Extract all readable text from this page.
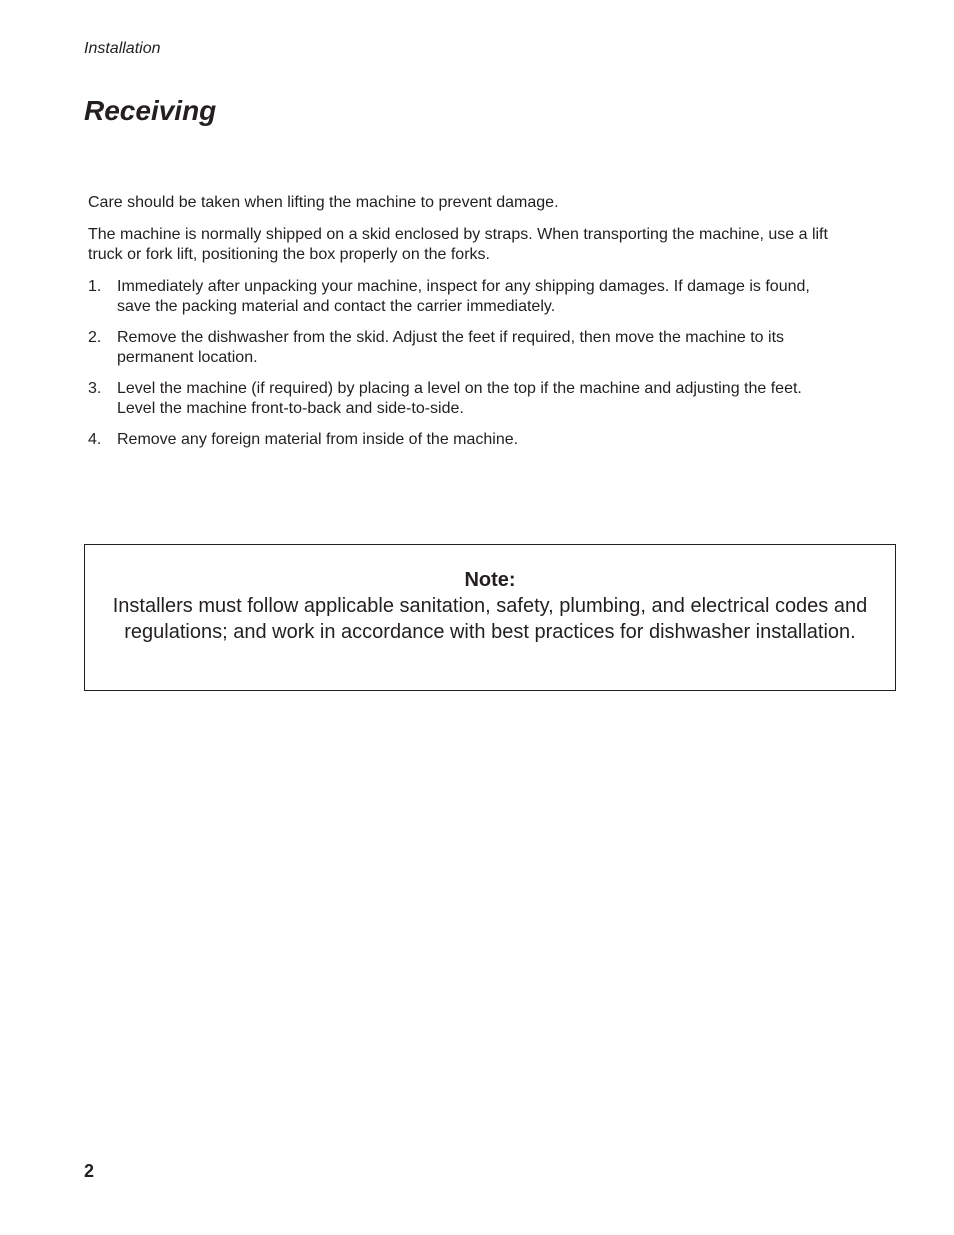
Installation
Receiving

Care should be taken when lifting the machine to prevent damage.

The machine is normally shipped on a skid enclosed by straps. When transporting the machine, use a lift truck or fork lift, positioning the box properly on the forks.

1. Immediately after unpacking your machine, inspect for any shipping damages. If damage is found, save the packing material and contact the carrier immediately.
2. Remove the dishwasher from the skid. Adjust the feet if required, then move the machine to its permanent location.
3. Level the machine (if required) by placing a level on the top if the machine and adjusting the feet. Level the machine front-to-back and side-to-side.
4. Remove any foreign material from inside of the machine.
Note:
Installers must follow applicable sanitation, safety, plumbing, and electrical codes and regulations; and work in accordance with best practices for dishwasher installation.
2
